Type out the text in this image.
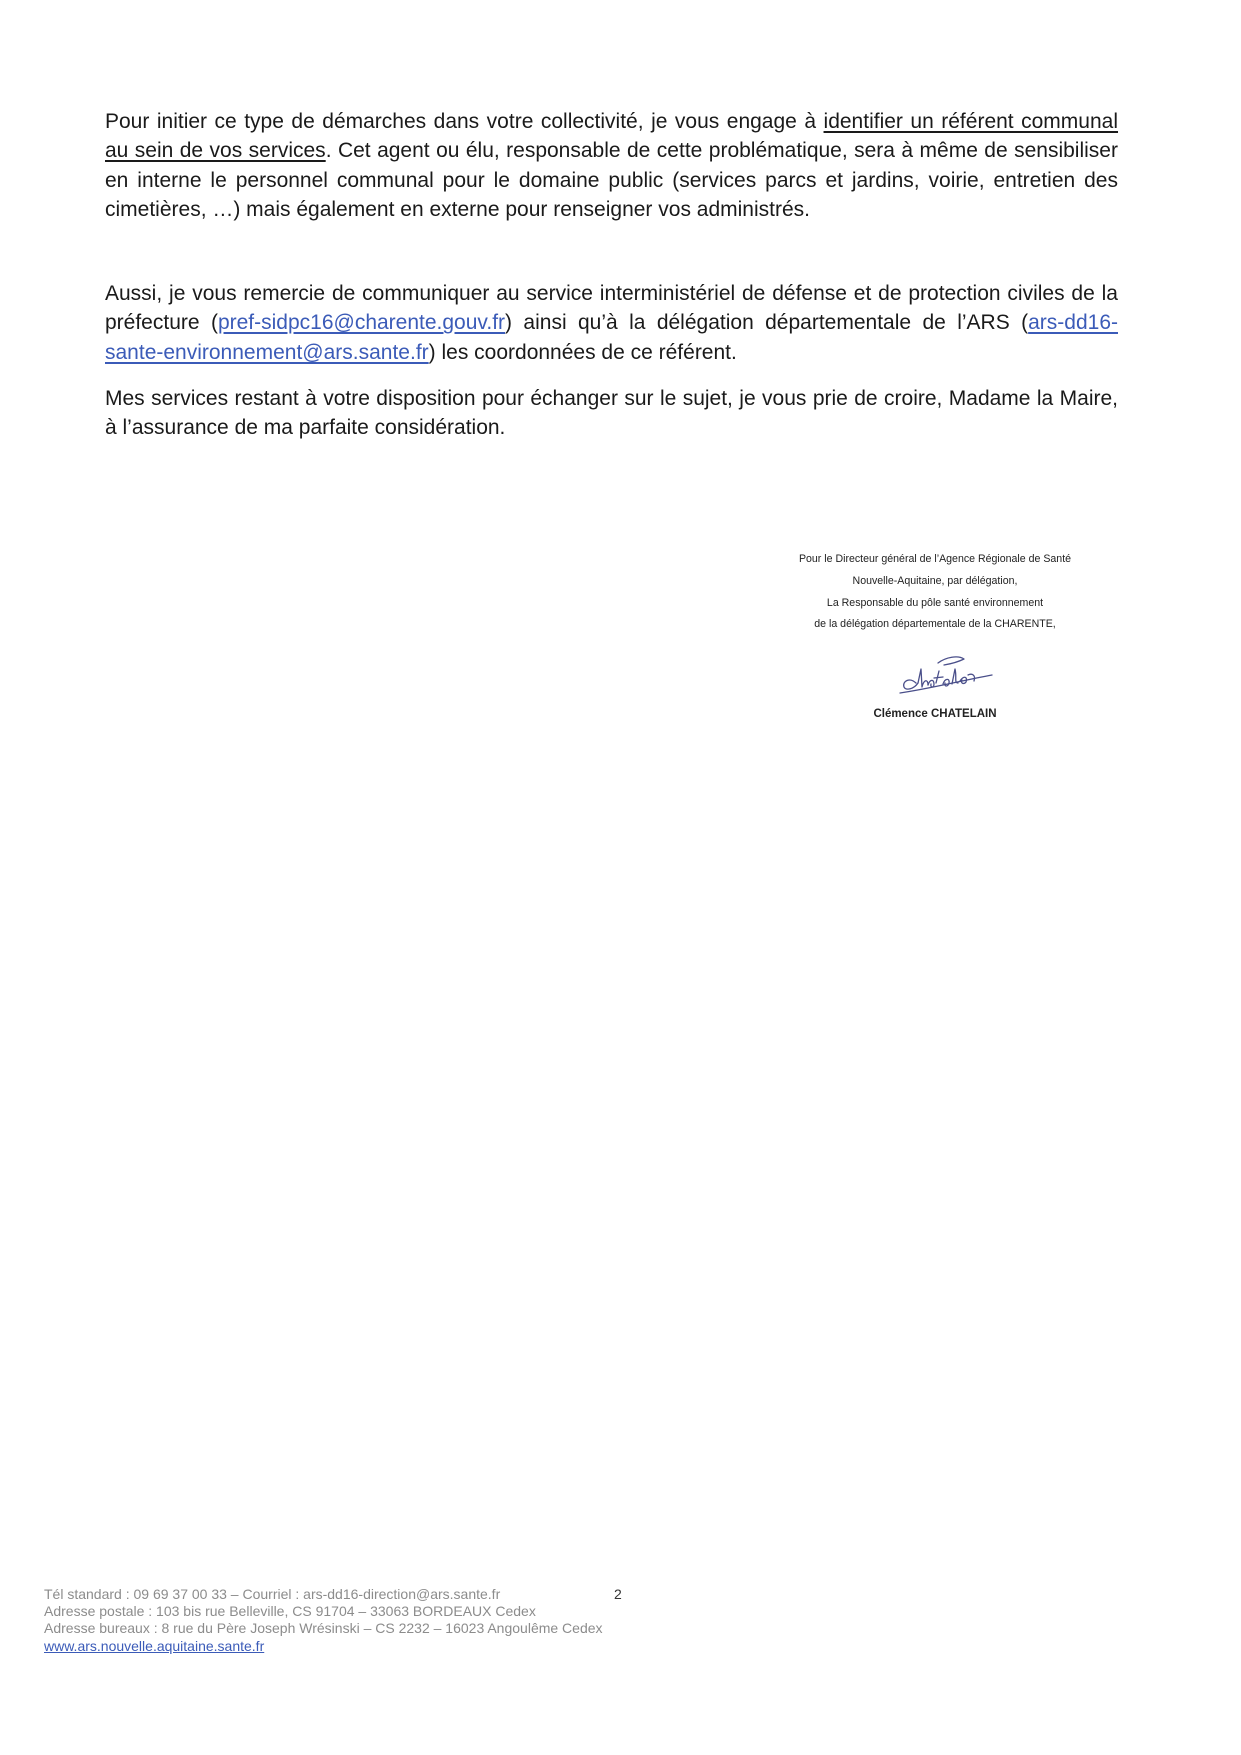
Pour initier ce type de démarches dans votre collectivité, je vous engage à identifier un référent communal au sein de vos services. Cet agent ou élu, responsable de cette problématique, sera à même de sensibiliser en interne le personnel communal pour le domaine public (services parcs et jardins, voirie, entretien des cimetières, …) mais également en externe pour renseigner vos administrés.

Aussi, je vous remercie de communiquer au service interministériel de défense et de protection civiles de la préfecture (pref-sidpc16@charente.gouv.fr) ainsi qu’à la délégation départementale de l’ARS (ars-dd16-sante-environnement@ars.sante.fr) les coordonnées de ce référent.

Mes services restant à votre disposition pour échanger sur le sujet, je vous prie de croire, Madame la Maire, à l’assurance de ma parfaite considération.

Pour le Directeur général de l’Agence Régionale de Santé
Nouvelle-Aquitaine, par délégation,
La Responsable du pôle santé environnement
de la délégation départementale de la CHARENTE,
Clémence CHATELAIN
Tél standard : 09 69 37 00 33 – Courriel : ars-dd16-direction@ars.sante.fr
Adresse postale : 103 bis rue Belleville, CS 91704 – 33063 BORDEAUX Cedex
Adresse bureaux : 8 rue du Père Joseph Wrésinski – CS 2232 – 16023 Angoulême Cedex
www.ars.nouvelle.aquitaine.sante.fr
2
